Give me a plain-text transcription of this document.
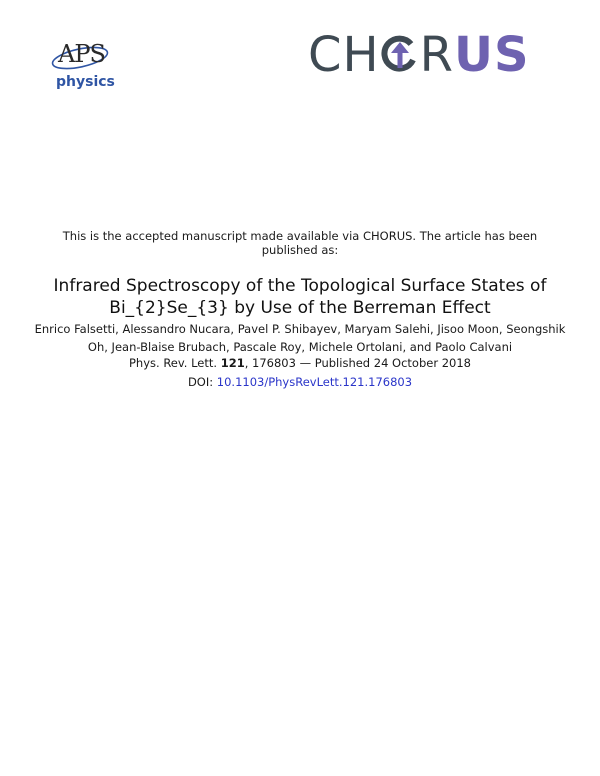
APS
physics	CH R US
This is the accepted manuscript made available via CHORUS. The article has been published as:
Infrared Spectroscopy of the Topological Surface States of Bi_{2}Se_{3} by Use of the Berreman Effect
Enrico Falsetti, Alessandro Nucara, Pavel P. Shibayev, Maryam Salehi, Jisoo Moon, Seongshik Oh, Jean-Blaise Brubach, Pascale Roy, Michele Ortolani, and Paolo Calvani
Phys. Rev. Lett. 121, 176803 — Published 24 October 2018
DOI: 10.1103/PhysRevLett.121.176803
